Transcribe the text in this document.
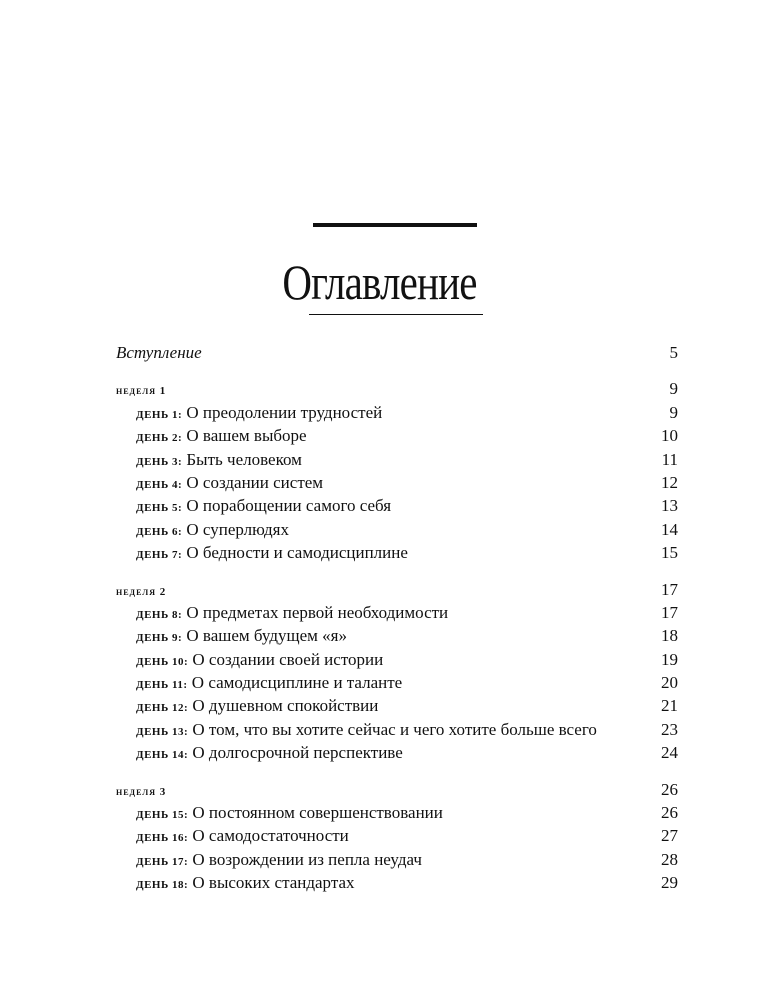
Оглавление
Вступление	5
неделя 1	9
ДЕНЬ 1: О преодолении трудностей	9
ДЕНЬ 2: О вашем выборе	10
ДЕНЬ 3: Быть человеком	11
ДЕНЬ 4: О создании систем	12
ДЕНЬ 5: О порабощении самого себя	13
ДЕНЬ 6: О суперлюдях	14
ДЕНЬ 7: О бедности и самодисциплине	15
неделя 2	17
ДЕНЬ 8: О предметах первой необходимости	17
ДЕНЬ 9: О вашем будущем «я»	18
ДЕНЬ 10: О создании своей истории	19
ДЕНЬ 11: О самодисциплине и таланте	20
ДЕНЬ 12: О душевном спокойствии	21
ДЕНЬ 13: О том, что вы хотите сейчас и чего хотите больше всего	23
ДЕНЬ 14: О долгосрочной перспективе	24
неделя 3	26
ДЕНЬ 15: О постоянном совершенствовании	26
ДЕНЬ 16: О самодостаточности	27
ДЕНЬ 17: О возрождении из пепла неудач	28
ДЕНЬ 18: О высоких стандартах	29
